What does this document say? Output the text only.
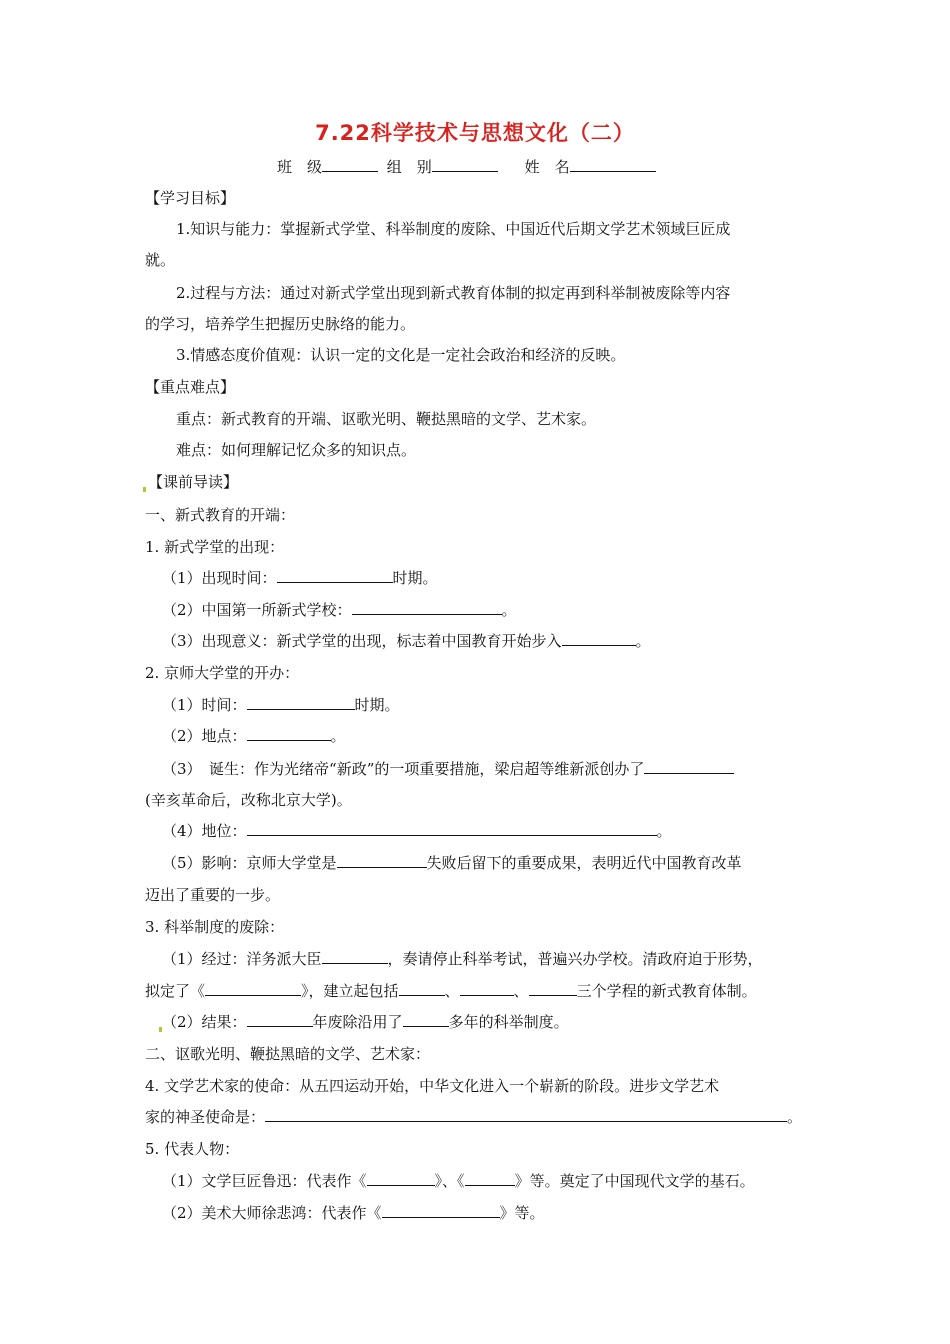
7.22科学技术与思想文化（二）
班　级	组　别	姓　名
【学习目标】
1.知识与能力：掌握新式学堂、科举制度的废除、中国近代后期文学艺术领域巨匠成
就。
2.过程与方法：通过对新式学堂出现到新式教育体制的拟定再到科举制被废除等内容
的学习，培养学生把握历史脉络的能力。
3.情感态度价值观：认识一定的文化是一定社会政治和经济的反映。
【重点难点】
重点：新式教育的开端、讴歌光明、鞭挞黑暗的文学、艺术家。
难点：如何理解记忆众多的知识点。
【课前导读】
一、新式教育的开端：
1. 新式学堂的出现：
（1）出现时间：	时期。
（2）中国第一所新式学校：	。
（3）出现意义：新式学堂的出现，标志着中国教育开始步入	。
2. 京师大学堂的开办：
（1）时间：	时期。
（2）地点：	。
（3）　诞生：作为光绪帝“新政”的一项重要措施，梁启超等维新派创办了
(辛亥革命后，改称北京大学)。
（4）地位：	。
（5）影响：京师大学堂是	失败后留下的重要成果，表明近代中国教育改革
迈出了重要的一步。
3. 科举制度的废除：
（1）经过：洋务派大臣	，奏请停止科举考试，普遍兴办学校。清政府迫于形势，
拟定了《	》，建立起包括	、	、	三个学程的新式教育体制。
（2）结果：	年废除沿用了	多年的科举制度。
二、讴歌光明、鞭挞黑暗的文学、艺术家：
4. 文学艺术家的使命：从五四运动开始，中华文化进入一个崭新的阶段。进步文学艺术
家的神圣使命是：	。
5. 代表人物：
（1）文学巨匠鲁迅：代表作《	》、《	》等。奠定了中国现代文学的基石。
（2）美术大师徐悲鸿：代表作《	》等。
